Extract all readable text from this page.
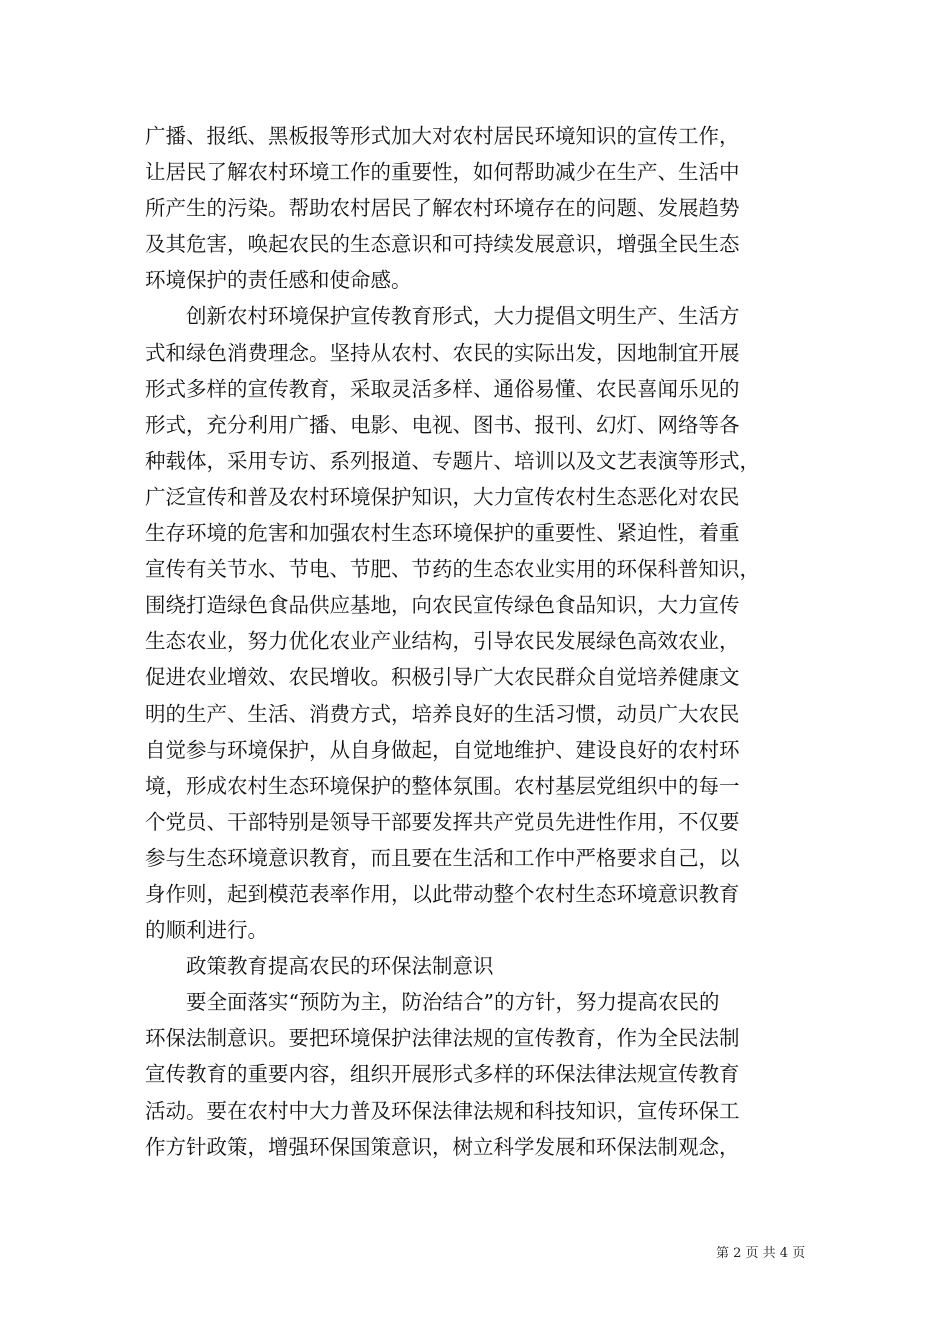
广播、报纸、黑板报等形式加大对农村居民环境知识的宣传工作，
让居民了解农村环境工作的重要性，如何帮助减少在生产、生活中
所产生的污染。帮助农村居民了解农村环境存在的问题、发展趋势
及其危害，唤起农民的生态意识和可持续发展意识，增强全民生态
环境保护的责任感和使命感。
　　创新农村环境保护宣传教育形式，大力提倡文明生产、生活方
式和绿色消费理念。坚持从农村、农民的实际出发，因地制宜开展
形式多样的宣传教育，采取灵活多样、通俗易懂、农民喜闻乐见的
形式，充分利用广播、电影、电视、图书、报刊、幻灯、网络等各
种载体，采用专访、系列报道、专题片、培训以及文艺表演等形式，
广泛宣传和普及农村环境保护知识，大力宣传农村生态恶化对农民
生存环境的危害和加强农村生态环境保护的重要性、紧迫性，着重
宣传有关节水、节电、节肥、节药的生态农业实用的环保科普知识，
围绕打造绿色食品供应基地，向农民宣传绿色食品知识，大力宣传
生态农业，努力优化农业产业结构，引导农民发展绿色高效农业，
促进农业增效、农民增收。积极引导广大农民群众自觉培养健康文
明的生产、生活、消费方式，培养良好的生活习惯，动员广大农民
自觉参与环境保护，从自身做起，自觉地维护、建设良好的农村环
境，形成农村生态环境保护的整体氛围。农村基层党组织中的每一
个党员、干部特别是领导干部要发挥共产党员先进性作用，不仅要
参与生态环境意识教育，而且要在生活和工作中严格要求自己，以
身作则，起到模范表率作用，以此带动整个农村生态环境意识教育
的顺利进行。
　　政策教育提高农民的环保法制意识
　　要全面落实“预防为主，防治结合”的方针，努力提高农民的
环保法制意识。要把环境保护法律法规的宣传教育，作为全民法制
宣传教育的重要内容，组织开展形式多样的环保法律法规宣传教育
活动。要在农村中大力普及环保法律法规和科技知识，宣传环保工
作方针政策，增强环保国策意识，树立科学发展和环保法制观念，
第 2 页 共 4 页
